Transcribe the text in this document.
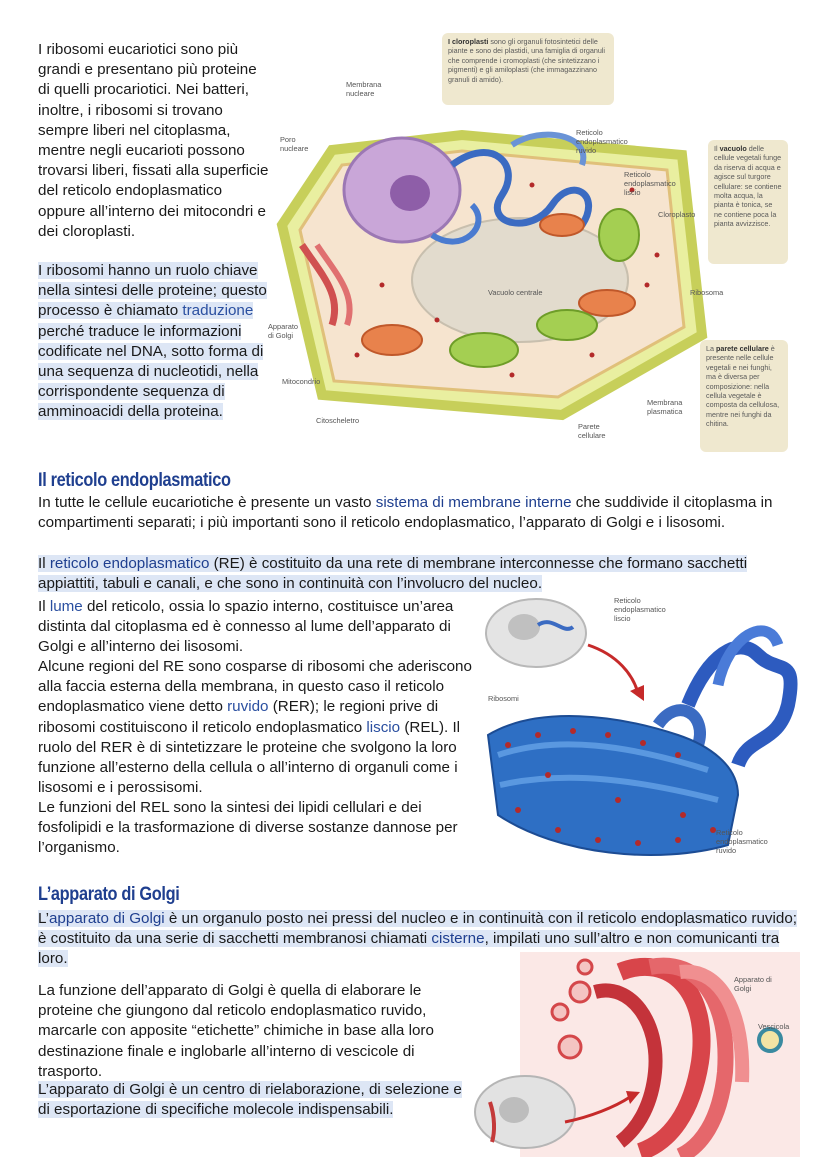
I ribosomi eucariotici sono più grandi e presentano più proteine di quelli procariotici. Nei batteri, inoltre, i ribosomi si trovano sempre liberi nel citoplasma, mentre negli eucarioti possono trovarsi liberi, fissati alla superficie del reticolo endoplasmatico oppure all’interno dei mitocondri e dei cloroplasti.

I ribosomi hanno un ruolo chiave nella sintesi delle proteine; questo processo è chiamato traduzione perché traduce le informazioni codificate nel DNA, sotto forma di una sequenza di nucleotidi, nella corrispondente sequenza di amminoacidi della proteina.

Membrana nucleare
Poro nucleare
Reticolo endoplasmatico ruvido
Reticolo endoplasmatico liscio
Cloroplasto
Vacuolo centrale	Ribosoma
Apparato di Golgi
Mitocondrio
Citoscheletro
Membrana plasmatica
Parete cellulare
I cloroplasti sono gli organuli fotosintetici delle piante e sono dei plastidi, una famiglia di organuli che comprende i cromoplasti (che sintetizzano i pigmenti) e gli amiloplasti (che immagazzinano granuli di amido).
Il vacuolo delle cellule vegetali funge da riserva di acqua e agisce sul turgore cellulare: se contiene molta acqua, la pianta è tonica, se ne contiene poca la pianta avvizzisce.
La parete cellulare è presente nelle cellule vegetali e nei funghi, ma è diversa per composizione: nella cellula vegetale è composta da cellulosa, mentre nei funghi da chitina.
Il reticolo endoplasmatico

In tutte le cellule eucariotiche è presente un vasto sistema di membrane interne che suddivide il citoplasma in compartimenti separati; i più importanti sono il reticolo endoplasmatico, l’apparato di Golgi e i lisosomi.

Il reticolo endoplasmatico (RE) è costituito da una rete di membrane interconnesse che formano sacchetti appiattiti, tabuli e canali, e che sono in continuità con l’involucro del nucleo.

Il lume del reticolo, ossia lo spazio interno, costituisce un’area distinta dal citoplasma ed è connesso al lume dell’apparato di Golgi e all’interno dei lisosomi.

Alcune regioni del RE sono cosparse di ribosomi che aderiscono alla faccia esterna della membrana, in questo caso il reticolo endoplasmatico viene detto ruvido (RER); le regioni prive di ribosomi costituiscono il reticolo endoplasmatico liscio (REL). Il ruolo del RER è di sintetizzare le proteine che svolgono la loro funzione all’esterno della cellula o all’interno di organuli come i lisosomi e i perossisomi.

Le funzioni del REL sono la sintesi dei lipidi cellulari e dei fosfolipidi e la trasformazione di diverse sostanze dannose per l’organismo.

Reticolo endoplasmatico liscio
Ribosomi
Reticolo endoplasmatico ruvido
L’apparato di Golgi

L’apparato di Golgi è un organulo posto nei pressi del nucleo e in continuità con il reticolo endoplasmatico ruvido; è costituito da una serie di sacchetti membranosi chiamati cisterne, impilati uno sull’altro e non comunicanti tra loro.

La funzione dell’apparato di Golgi è quella di elaborare le proteine che giungono dal reticolo endoplasmatico ruvido, marcarle con apposite “etichette” chimiche in base alla loro destinazione finale e inglobarle all’interno di vescicole di trasporto.

L’apparato di Golgi è un centro di rielaborazione, di selezione e di esportazione di specifiche molecole indispensabili.

Apparato di Golgi
Vescicola
